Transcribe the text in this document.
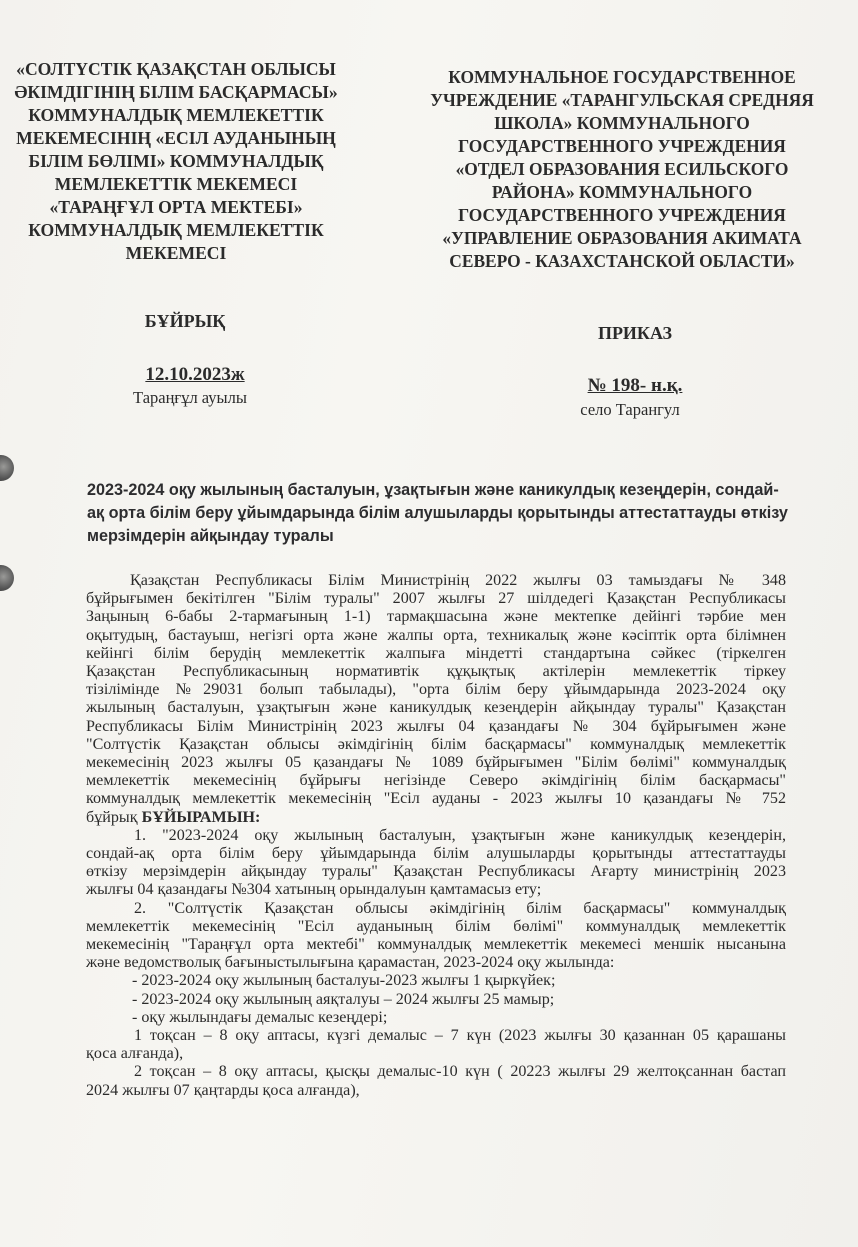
«СОЛТҮСТІК ҚАЗАҚСТАН ОБЛЫСЫ
ӘКІМДІГІНІҢ БІЛІМ БАСҚАРМАСЫ»
КОММУНАЛДЫҚ МЕМЛЕКЕТТІК
МЕКЕМЕСІНІҢ «ЕСІЛ АУДАНЫНЫҢ
БІЛІМ БӨЛІМІ» КОММУНАЛДЫҚ
МЕМЛЕКЕТТІК МЕКЕМЕСІ
«ТАРАҢҒҰЛ ОРТА МЕКТЕБІ»
КОММУНАЛДЫҚ МЕМЛЕКЕТТІК
МЕКЕМЕСІ
КОММУНАЛЬНОЕ ГОСУДАРСТВЕННОЕ
УЧРЕЖДЕНИЕ «ТАРАНГУЛЬСКАЯ СРЕДНЯЯ
ШКОЛА» КОММУНАЛЬНОГО
ГОСУДАРСТВЕННОГО УЧРЕЖДЕНИЯ
«ОТДЕЛ ОБРАЗОВАНИЯ ЕСИЛЬСКОГО
РАЙОНА» КОММУНАЛЬНОГО
ГОСУДАРСТВЕННОГО УЧРЕЖДЕНИЯ
«УПРАВЛЕНИЕ ОБРАЗОВАНИЯ АКИМАТА
СЕВЕРО - КАЗАХСТАНСКОЙ ОБЛАСТИ»
БҰЙРЫҚ
ПРИКАЗ
12.10.2023ж
№ 198- н.қ.
Тараңғұл ауылы
село Тарангул
2023-2024 оқу жылының басталуын, ұзақтығын және каникулдық кезеңдерін, сондай-
ақ орта білім беру ұйымдарында білім алушыларды қорытынды аттестаттауды өткізу
мерзімдерін айқындау туралы
Қазақстан Республикасы Білім Министрінің 2022 жылғы 03 тамыздағы № 348
бұйрығымен бекітілген "Білім туралы" 2007 жылғы 27 шілдедегі Қазақстан Республикасы
Заңының 6-бабы 2-тармағының 1-1) тармақшасына және мектепке дейінгі тәрбие мен
оқытудың, бастауыш, негізгі орта және жалпы орта, техникалық және кәсіптік орта білімнен
кейінгі білім берудің мемлекеттік жалпыға міндетті стандартына сәйкес (тіркелген
Қазақстан Республикасының нормативтік құқықтық актілерін мемлекеттік тіркеу
тізілімінде №29031 болып табылады), "орта білім беру ұйымдарында 2023-2024 оқу
жылының басталуын, ұзақтығын және каникулдық кезеңдерін айқындау туралы" Қазақстан
Республикасы Білім Министрінің 2023 жылғы 04 қазандағы № 304 бұйрығымен және
"Солтүстік Қазақстан облысы әкімдігінің білім басқармасы" коммуналдық мемлекеттік
мекемесінің 2023 жылғы 05 қазандағы № 1089 бұйрығымен "Білім бөлімі" коммуналдық
мемлекеттік мекемесінің бұйрығы негізінде Северо әкімдігінің білім басқармасы"
коммуналдық мемлекеттік мекемесінің "Есіл ауданы - 2023 жылғы 10 қазандағы № 752
бұйрық БҰЙЫРАМЫН:
1. "2023-2024 оқу жылының басталуын, ұзақтығын және каникулдық кезеңдерін,
сондай-ақ орта білім беру ұйымдарында білім алушыларды қорытынды аттестаттауды
өткізу мерзімдерін айқындау туралы" Қазақстан Республикасы Ағарту министрінің 2023
жылғы 04 қазандағы №304 хатының орындалуын қамтамасыз ету;
2. "Солтүстік Қазақстан облысы әкімдігінің білім басқармасы" коммуналдық
мемлекеттік мекемесінің "Есіл ауданының білім бөлімі" коммуналдық мемлекеттік
мекемесінің "Тараңғұл орта мектебі" коммуналдық мемлекеттік мекемесі меншік нысанына
және ведомстволық бағыныстылығына қарамастан, 2023-2024 оқу жылында:
- 2023-2024 оқу жылының басталуы-2023 жылғы 1 қыркүйек;
- 2023-2024 оқу жылының аяқталуы – 2024 жылғы 25 мамыр;
- оқу жылындағы демалыс кезеңдері;
1 тоқсан – 8 оқу аптасы, күзгі демалыс – 7 күн (2023 жылғы 30 қазаннан 05 қарашаны
қоса алғанда),
2 тоқсан – 8 оқу аптасы, қысқы демалыс-10 күн ( 20223 жылғы 29 желтоқсаннан бастап
2024 жылғы 07 қаңтарды қоса алғанда),
